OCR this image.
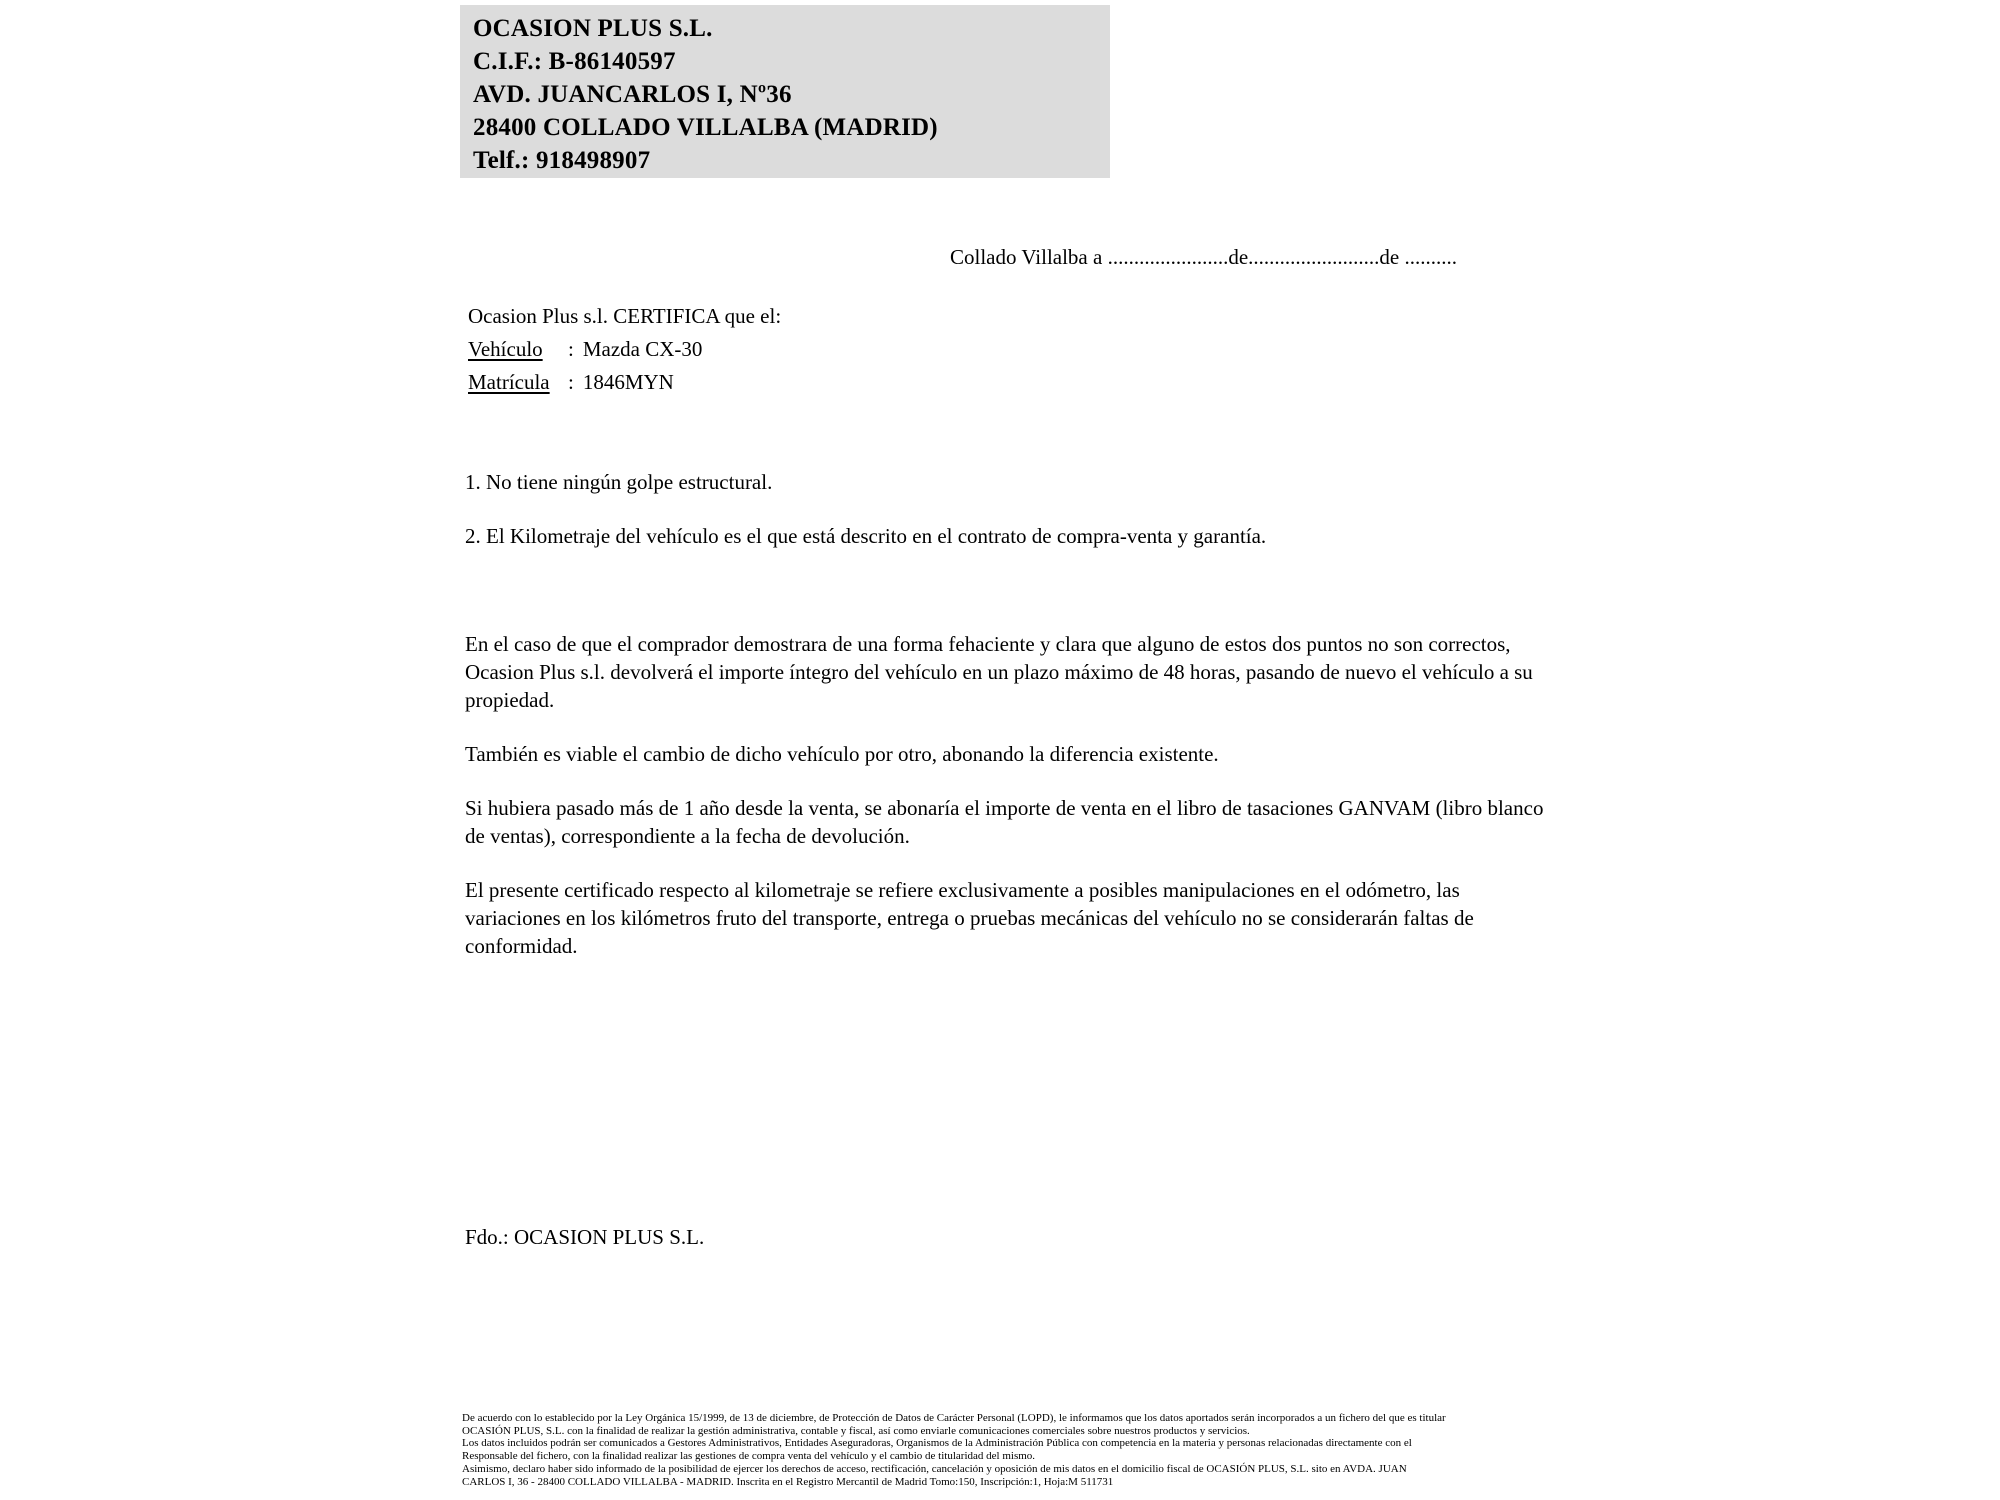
OCASION PLUS S.L.
C.I.F.: B-86140597
AVD. JUANCARLOS I, Nº36
28400 COLLADO VILLALBA (MADRID)
Telf.: 918498907
Collado Villalba a .......................de.........................de ..........
Ocasion Plus s.l. CERTIFICA que el:
Vehículo : Mazda CX-30
Matrícula : 1846MYN

1. No tiene ningún golpe estructural.

2. El Kilometraje del vehículo es el que está descrito en el contrato de compra-venta y garantía.

En el caso de que el comprador demostrara de una forma fehaciente y clara que alguno de estos dos puntos no son correctos, Ocasion Plus s.l. devolverá el importe íntegro del vehículo en un plazo máximo de 48 horas, pasando de nuevo el vehículo a su propiedad.

También es viable el cambio de dicho vehículo por otro, abonando la diferencia existente.

Si hubiera pasado más de 1 año desde la venta, se abonaría el importe de venta en el libro de tasaciones GANVAM (libro blanco de ventas), correspondiente a la fecha de devolución.

El presente certificado respecto al kilometraje se refiere exclusivamente a posibles manipulaciones en el odómetro, las variaciones en los kilómetros fruto del transporte, entrega o pruebas mecánicas del vehículo no se considerarán faltas de conformidad.

Fdo.: OCASION PLUS S.L.
De acuerdo con lo establecido por la Ley Orgánica 15/1999, de 13 de diciembre, de Protección de Datos de Carácter Personal (LOPD), le informamos que los datos aportados serán incorporados a un fichero del que es titular
OCASIÓN PLUS, S.L. con la finalidad de realizar la gestión administrativa, contable y fiscal, así como enviarle comunicaciones comerciales sobre nuestros productos y servicios.
Los datos incluidos podrán ser comunicados a Gestores Administrativos, Entidades Aseguradoras, Organismos de la Administración Pública con competencia en la materia y personas relacionadas directamente con el
Responsable del fichero, con la finalidad realizar las gestiones de compra venta del vehículo y el cambio de titularidad del mismo.
Asimismo, declaro haber sido informado de la posibilidad de ejercer los derechos de acceso, rectificación, cancelación y oposición de mis datos en el domicilio fiscal de OCASIÓN PLUS, S.L. sito en AVDA. JUAN
CARLOS I, 36 - 28400 COLLADO VILLALBA - MADRID. Inscrita en el Registro Mercantil de Madrid Tomo:150, Inscripción:1, Hoja:M 511731
